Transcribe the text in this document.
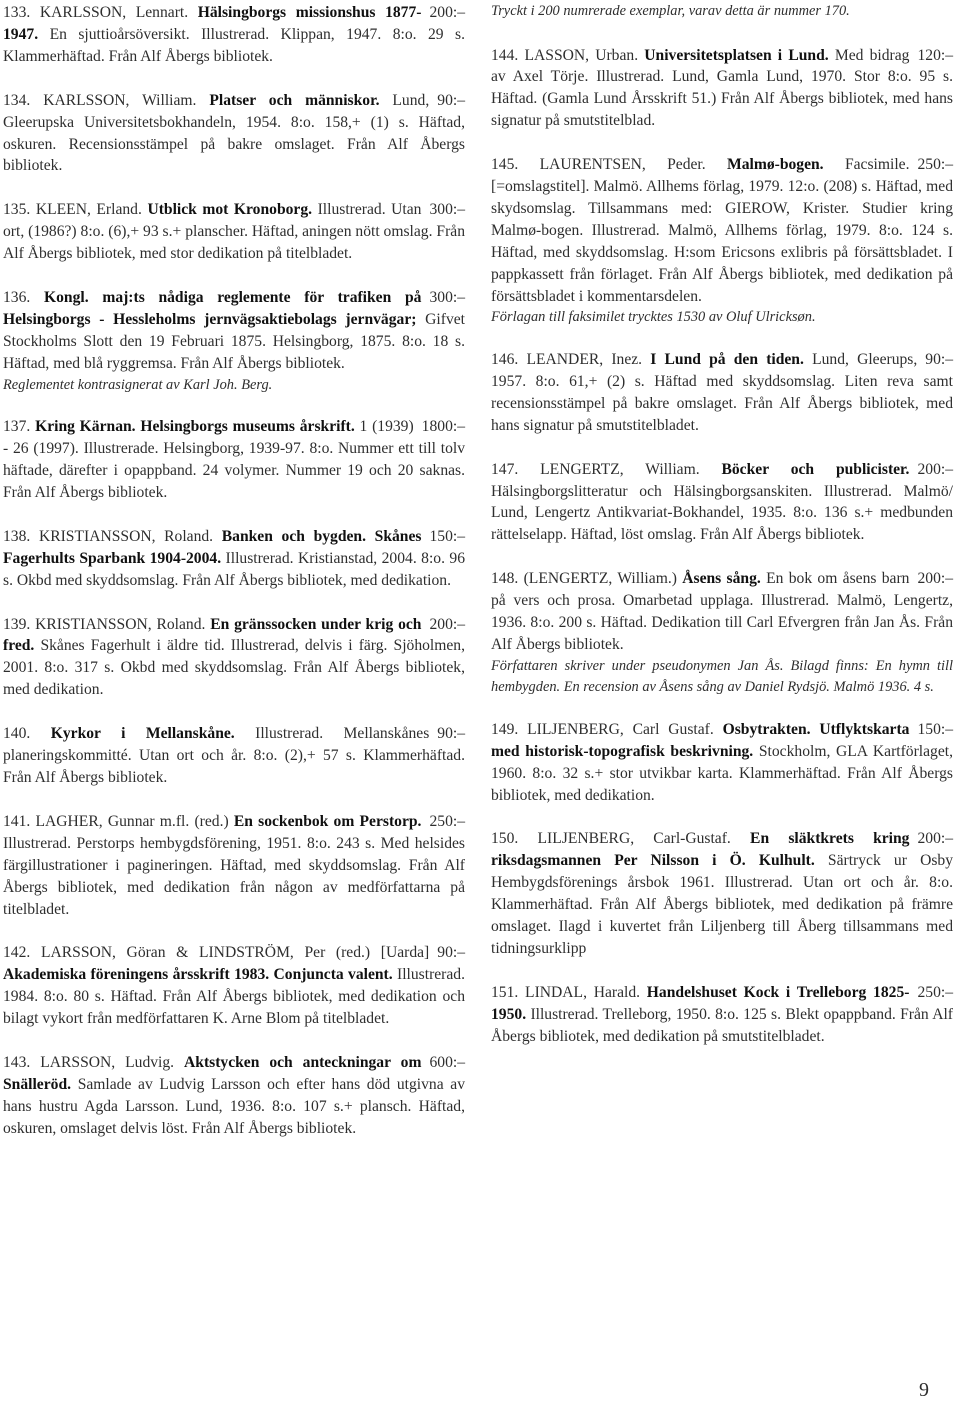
200:–
133. KARLSSON, Lennart. Hälsingborgs missionshus 1877-1947. En sjuttioårsöversikt. Illustrerad. Klippan, 1947. 8:o. 29 s. Klammerhäftad. Från Alf Åbergs bibliotek.

90:–
134. KARLSSON, William. Platser och människor. Lund, Gleerupska Universitetsbokhandeln, 1954. 8:o. 158,+ (1) s. Häftad, oskuren. Recensionsstämpel på bakre omslaget. Från Alf Åbergs bibliotek.

300:–
135. KLEEN, Erland. Utblick mot Kronoborg. Illustrerad. Utan ort, (1986?) 8:o. (6),+ 93 s.+ planscher. Häftad, aningen nött omslag. Från Alf Åbergs bibliotek, med stor dedikation på titelbladet.

300:–
136. Kongl. maj:ts nådiga reglemente för trafiken på Helsingborgs - Hessleholms jernvägsaktiebolags jernvägar; Gifvet Stockholms Slott den 19 Februari 1875. Helsingborg, 1875. 8:o. 18 s. Häftad, med blå ryggremsa. Från Alf Åbergs bibliotek.

Reglementet kontrasignerat av Karl Joh. Berg.

1800:–
137. Kring Kärnan. Helsingborgs museums årskrift. 1 (1939) - 26 (1997). Illustrerade. Helsingborg, 1939-97. 8:o. Nummer ett till tolv häftade, därefter i opappband. 24 volymer. Nummer 19 och 20 saknas. Från Alf Åbergs bibliotek.

150:–
138. KRISTIANSSON, Roland. Banken och bygden. Skånes Fagerhults Sparbank 1904-2004. Illustrerad. Kristianstad, 2004. 8:o. 96 s. Okbd med skyddsomslag. Från Alf Åbergs bibliotek, med dedikation.

200:–
139. KRISTIANSSON, Roland. En gränssocken under krig och fred. Skånes Fagerhult i äldre tid. Illustrerad, delvis i färg. Sjöholmen, 2001. 8:o. 317 s. Okbd med skyddsomslag. Från Alf Åbergs bibliotek, med dedikation.

90:–
140. Kyrkor i Mellanskåne. Illustrerad. Mellanskånes planeringskommitté. Utan ort och år. 8:o. (2),+ 57 s. Klammerhäftad. Från Alf Åbergs bibliotek.

250:–
141. LAGHER, Gunnar m.fl. (red.) En sockenbok om Perstorp. Illustrerad. Perstorps hembygdsförening, 1951. 8:o. 243 s. Med helsides färgillustrationer i pagineringen. Häftad, med skyddsomslag. Från Alf Åbergs bibliotek, med dedikation från någon av medförfattarna på titelbladet.

90:–
142. LARSSON, Göran & LINDSTRÖM, Per (red.) [Uarda] Akademiska föreningens årsskrift 1983. Conjuncta valent. Illustrerad. 1984. 8:o. 80 s. Häftad. Från Alf Åbergs bibliotek, med dedikation och bilagt vykort från medförfattaren K. Arne Blom på titelbladet.

600:–
143. LARSSON, Ludvig. Aktstycken och anteckningar om Snälleröd. Samlade av Ludvig Larsson och efter hans död utgivna av hans hustru Agda Larsson. Lund, 1936. 8:o. 107 s.+ plansch. Häftad, oskuren, omslaget delvis löst. Från Alf Åbergs bibliotek.

Tryckt i 200 numrerade exemplar, varav detta är nummer 170.

120:–
144. LASSON, Urban. Universitetsplatsen i Lund. Med bidrag av Axel Törje. Illustrerad. Lund, Gamla Lund, 1970. Stor 8:o. 95 s. Häftad. (Gamla Lund Årsskrift 51.) Från Alf Åbergs bibliotek, med hans signatur på smutstitelblad.

250:–
145. LAURENTSEN, Peder. Malmø-bogen. Facsimile. [=omslagstitel]. Malmö. Allhems förlag, 1979. 12:o. (208) s. Häftad, med skydsomslag. Tillsammans med: GIEROW, Krister. Studier kring Malmø-bogen. Illustrerad. Malmö, Allhems förlag, 1979. 8:o. 124 s. Häftad, med skyddsomslag. H:som Ericsons exlibris på försättsbladet. I pappkassett från förlaget. Från Alf Åbergs bibliotek, med dedikation på försättsbladet i kommentarsdelen.

Förlagan till faksimilet trycktes 1530 av Oluf Ulricksøn.

90:–
146. LEANDER, Inez. I Lund på den tiden. Lund, Gleerups, 1957. 8:o. 61,+ (2) s. Häftad med skyddsomslag. Liten reva samt recensionsstämpel på bakre omslaget. Från Alf Åbergs bibliotek, med hans signatur på smutstitelbladet.

200:–
147. LENGERTZ, William. Böcker och publicister. Hälsingborgslitteratur och Hälsingborgsanskiten. Illustrerad. Malmö/ Lund, Lengertz Antikvariat-Bokhandel, 1935. 8:o. 136 s.+ medbunden rättelselapp. Häftad, löst omslag. Från Alf Åbergs bibliotek.

200:–
148. (LENGERTZ, William.) Åsens sång. En bok om åsens barn på vers och prosa. Omarbetad upplaga. Illustrerad. Malmö, Lengertz, 1936. 8:o. 200 s. Häftad. Dedikation till Carl Efvergren från Jan Ås. Från Alf Åbergs bibliotek.

Författaren skriver under pseudonymen Jan Ås. Bilagd finns: En hymn till hembygden. En recension av Åsens sång av Daniel Rydsjö. Malmö 1936. 4 s.

150:–
149. LILJENBERG, Carl Gustaf. Osbytrakten. Utflyktskarta med historisk-topografisk beskrivning. Stockholm, GLA Kartförlaget, 1960. 8:o. 32 s.+ stor utvikbar karta. Klammerhäftad. Från Alf Åbergs bibliotek, med dedikation.

200:–
150. LILJENBERG, Carl-Gustaf. En släktkrets kring riksdagsmannen Per Nilsson i Ö. Kulhult. Särtryck ur Osby Hembygdsförenings årsbok 1961. Illustrerad. Utan ort och år. 8:o. Klammerhäftad. Från Alf Åbergs bibliotek, med dedikation på främre omslaget. Ilagd i kuvertet från Liljenberg till Åberg tillsammans med tidningsurklipp

250:–
151. LINDAL, Harald. Handelshuset Kock i Trelleborg 1825-1950. Illustrerad. Trelleborg, 1950. 8:o. 125 s. Blekt opappband. Från Alf Åbergs bibliotek, med dedikation på smutstitelbladet.

9
